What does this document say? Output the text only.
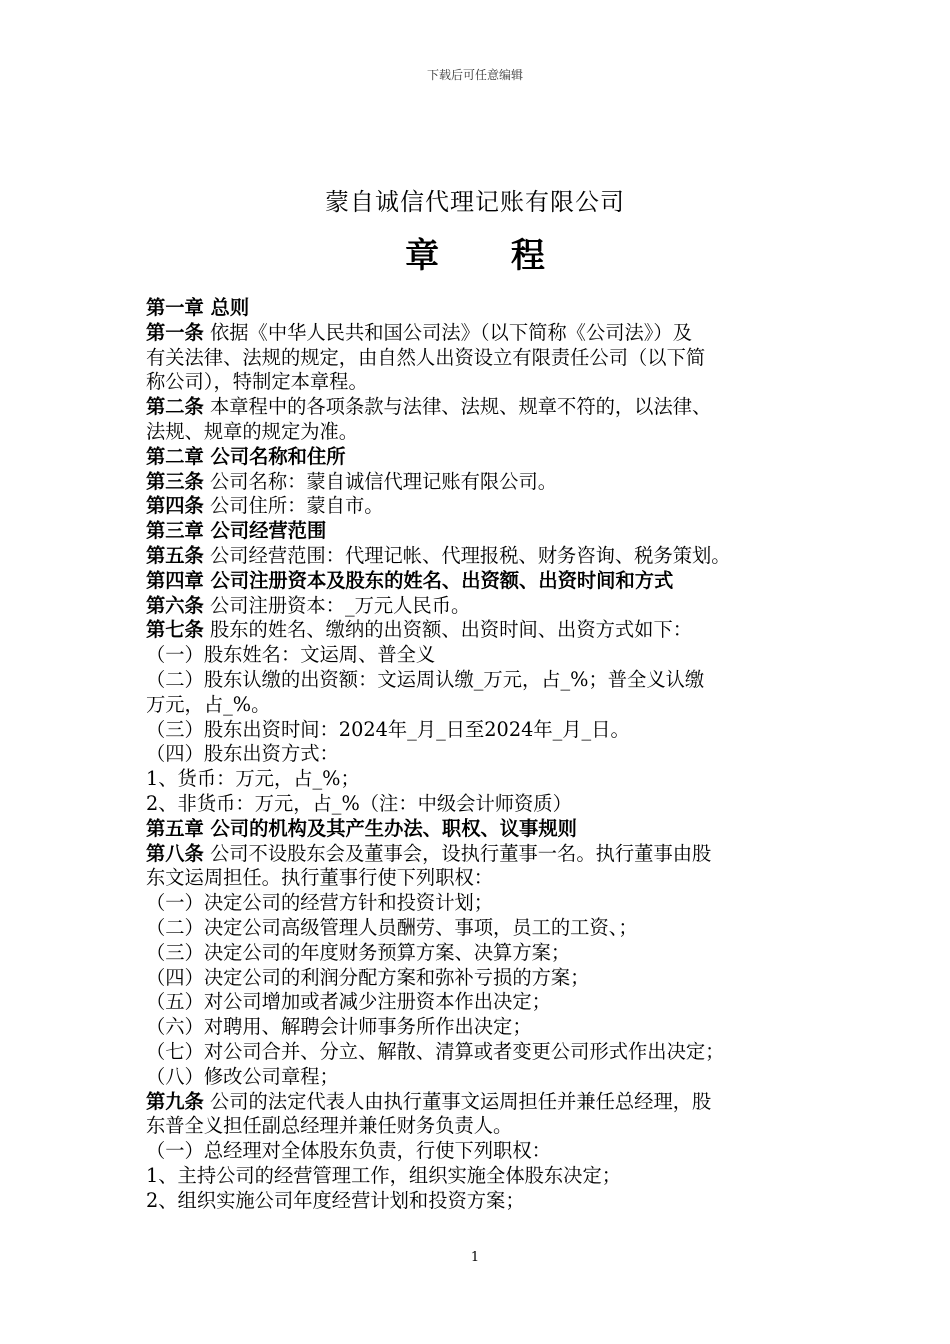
下载后可任意编辑
蒙自诚信代理记账有限公司
章 程
第一章 总则
第一条 依据《中华人民共和国公司法》（以下简称《公司法》）及
有关法律、法规的规定，由自然人出资设立有限责任公司（以下简
称公司），特制定本章程。
第二条 本章程中的各项条款与法律、法规、规章不符的，以法律、
法规、规章的规定为准。
第二章 公司名称和住所
第三条 公司名称：蒙自诚信代理记账有限公司。
第四条 公司住所：蒙自市。
第三章 公司经营范围
第五条 公司经营范围：代理记帐、代理报税、财务咨询、税务策划。
第四章 公司注册资本及股东的姓名、出资额、出资时间和方式
第六条 公司注册资本：_万元人民币。
第七条 股东的姓名、缴纳的出资额、出资时间、出资方式如下：
（一）股东姓名：文运周、普全义
（二）股东认缴的出资额：文运周认缴_万元，占_%；普全义认缴
万元，占_%。
（三）股东出资时间：2024年_月_日至2024年_月_日。
（四）股东出资方式：
1、货币：万元，占_%；
2、非货币：万元，占_%（注：中级会计师资质）
第五章 公司的机构及其产生办法、职权、议事规则
第八条 公司不设股东会及董事会，设执行董事一名。执行董事由股
东文运周担任。执行董事行使下列职权：
（一）决定公司的经营方针和投资计划；
（二）决定公司高级管理人员酬劳、事项，员工的工资、；
（三）决定公司的年度财务预算方案、决算方案；
（四）决定公司的利润分配方案和弥补亏损的方案；
（五）对公司增加或者减少注册资本作出决定；
（六）对聘用、解聘会计师事务所作出决定；
（七）对公司合并、分立、解散、清算或者变更公司形式作出决定；
（八）修改公司章程；
第九条 公司的法定代表人由执行董事文运周担任并兼任总经理，股
东普全义担任副总经理并兼任财务负责人。
（一）总经理对全体股东负责，行使下列职权：
1、主持公司的经营管理工作，组织实施全体股东决定；
2、组织实施公司年度经营计划和投资方案；
1
